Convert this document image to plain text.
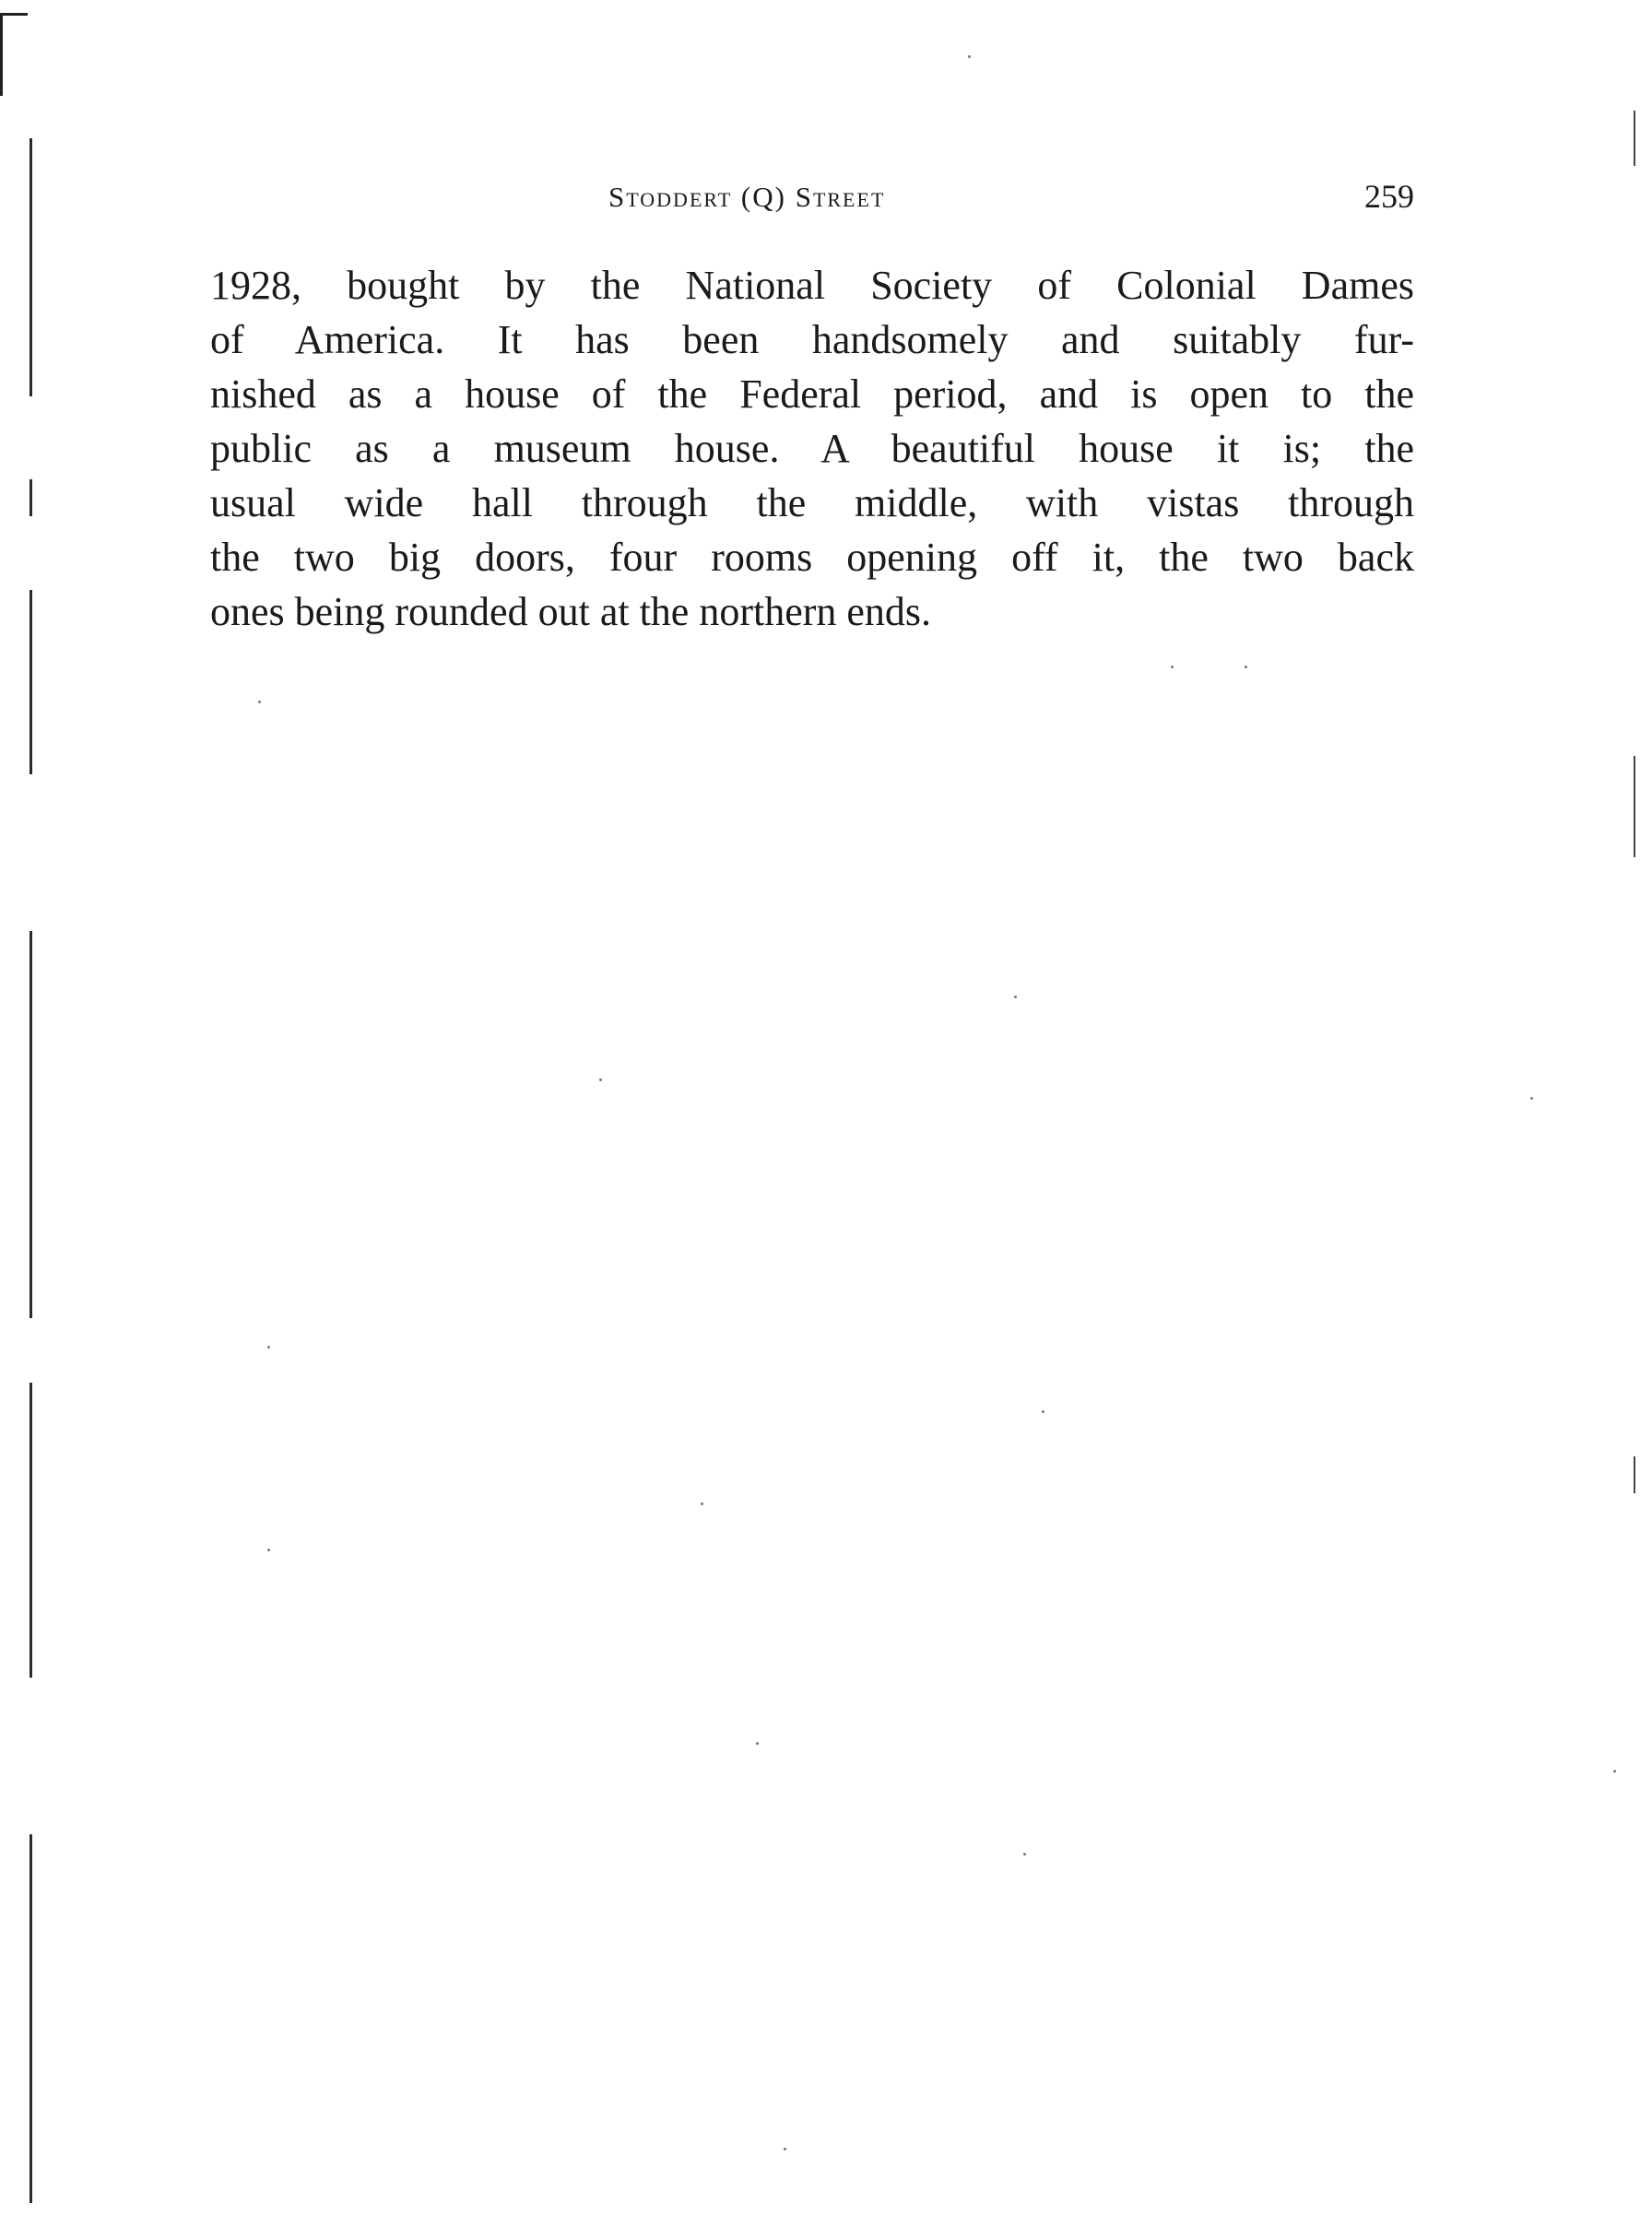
Stoddert (Q) Street	259
1928, bought by the National Society of Colonial Dames
of America. It has been handsomely and suitably fur-
nished as a house of the Federal period, and is open to the
public as a museum house. A beautiful house it is; the
usual wide hall through the middle, with vistas through
the two big doors, four rooms opening off it, the two back
ones being rounded out at the northern ends.
